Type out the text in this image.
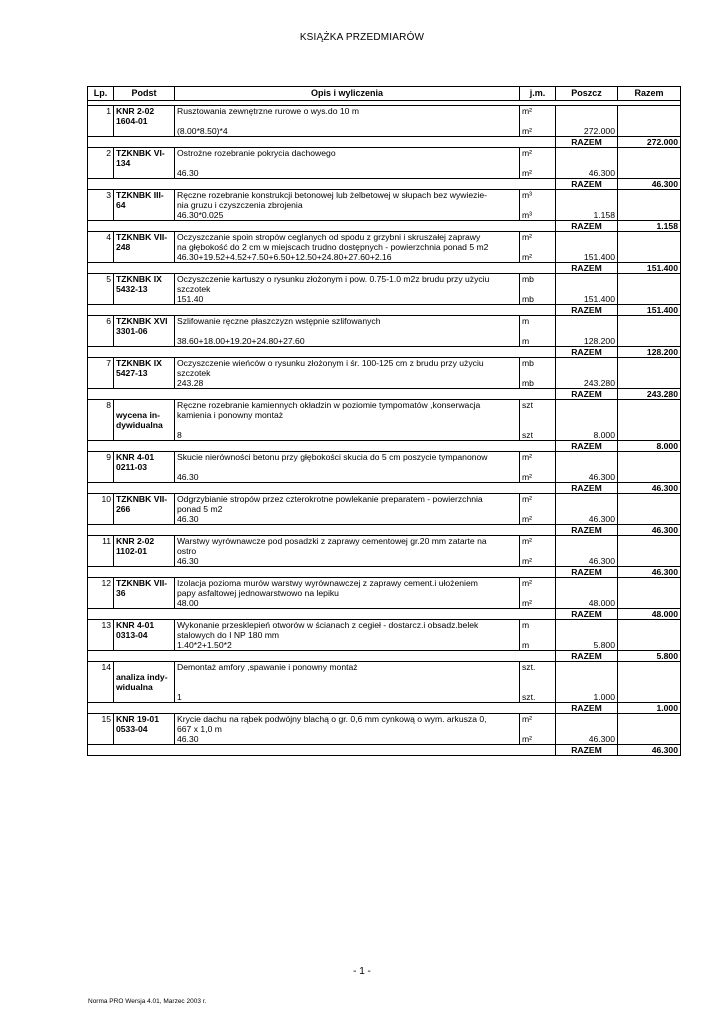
KSIĄŻKA PRZEDMIARÓW
Lp.	Podst	Opis i wyliczenia	j.m.	Poszcz	Razem

1	KNR 2-02	Rusztowania zewnętrzne rurowe o wys.do 10 m	m²		
	1604-01				
		(8.00*8.50)*4	m²	272.000	
				RAZEM	272.000
2	TZKNBK VI-	Ostrożne rozebranie pokrycia dachowego	m²		
	134				
		46.30	m²	46.300	
				RAZEM	46.300
3	TZKNBK III-	Ręczne rozebranie konstrukcji betonowej lub żelbetowej w słupach bez wywiezie-	m³		
	64	nia gruzu i czyszczenia zbrojenia			
		46.30*0.025	m³	1.158	
				RAZEM	1.158
4	TZKNBK VII-	Oczyszczanie spoin stropów ceglanych od spodu z grzybni i skruszałej zaprawy	m²		
	248	na głębokość do 2 cm w miejscach trudno dostępnych - powierzchnia ponad 5 m2			
		46.30+19.52+4.52+7.50+6.50+12.50+24.80+27.60+2.16	m²	151.400	
				RAZEM	151.400
5	TZKNBK IX	Oczyszczenie kartuszy o rysunku złożonym i pow. 0.75-1.0 m2z brudu przy użyciu	mb		
	5432-13	szczotek			
		151.40	mb	151.400	
				RAZEM	151.400
6	TZKNBK XVI	Szlifowanie ręczne płaszczyzn wstępnie szlifowanych	m		
	3301-06				
		38.60+18.00+19.20+24.80+27.60	m	128.200	
				RAZEM	128.200
7	TZKNBK IX	Oczyszczenie wieńców o rysunku złożonym i śr. 100-125 cm z brudu przy użyciu	mb		
	5427-13	szczotek			
		243.28	mb	243.280	
				RAZEM	243.280
8		Ręczne rozebranie kamiennych okładzin w poziomie tympomatów ,konserwacja	szt		
	wycena in-	kamienia i ponowny montaż			
	dywidualna				
		8	szt	8.000	
				RAZEM	8.000
9	KNR 4-01	Skucie nierówności betonu przy głębokości skucia do 5 cm poszycie tympanonow	m²		
	0211-03				
		46.30	m²	46.300	
				RAZEM	46.300
10	TZKNBK VII-	Odgrzybianie stropów przez czterokrotne powlekanie preparatem - powierzchnia	m²		
	266	ponad 5 m2			
		46.30	m²	46.300	
				RAZEM	46.300
11	KNR 2-02	Warstwy wyrównawcze pod posadzki z zaprawy cementowej gr.20 mm zatarte na	m²		
	1102-01	ostro			
		46.30	m²	46.300	
				RAZEM	46.300
12	TZKNBK VII-	Izolacja pozioma murów warstwy wyrównawczej z zaprawy cement.i ułożeniem	m²		
	36	papy asfaltowej jednowarstwowo na lepiku			
		48.00	m²	48.000	
				RAZEM	48.000
13	KNR 4-01	Wykonanie przesklepień otworów w ścianach z cegieł - dostarcz.i obsadz.belek	m		
	0313-04	stalowych do I NP 180 mm			
		1.40*2+1.50*2	m	5.800	
				RAZEM	5.800
14		Demontaż amfory ,spawanie i ponowny montaż	szt.		
	analiza indy-				
	widualna				
		1	szt.	1.000	
				RAZEM	1.000
15	KNR 19-01	Krycie dachu na rąbek podwójny blachą o gr. 0,6 mm cynkową o wym. arkusza 0,	m²		
	0533-04	667 x 1,0 m			
		46.30	m²	46.300	
				RAZEM	46.300
- 1 -
Norma PRO Wersja 4.01, Marzec 2003 r.
